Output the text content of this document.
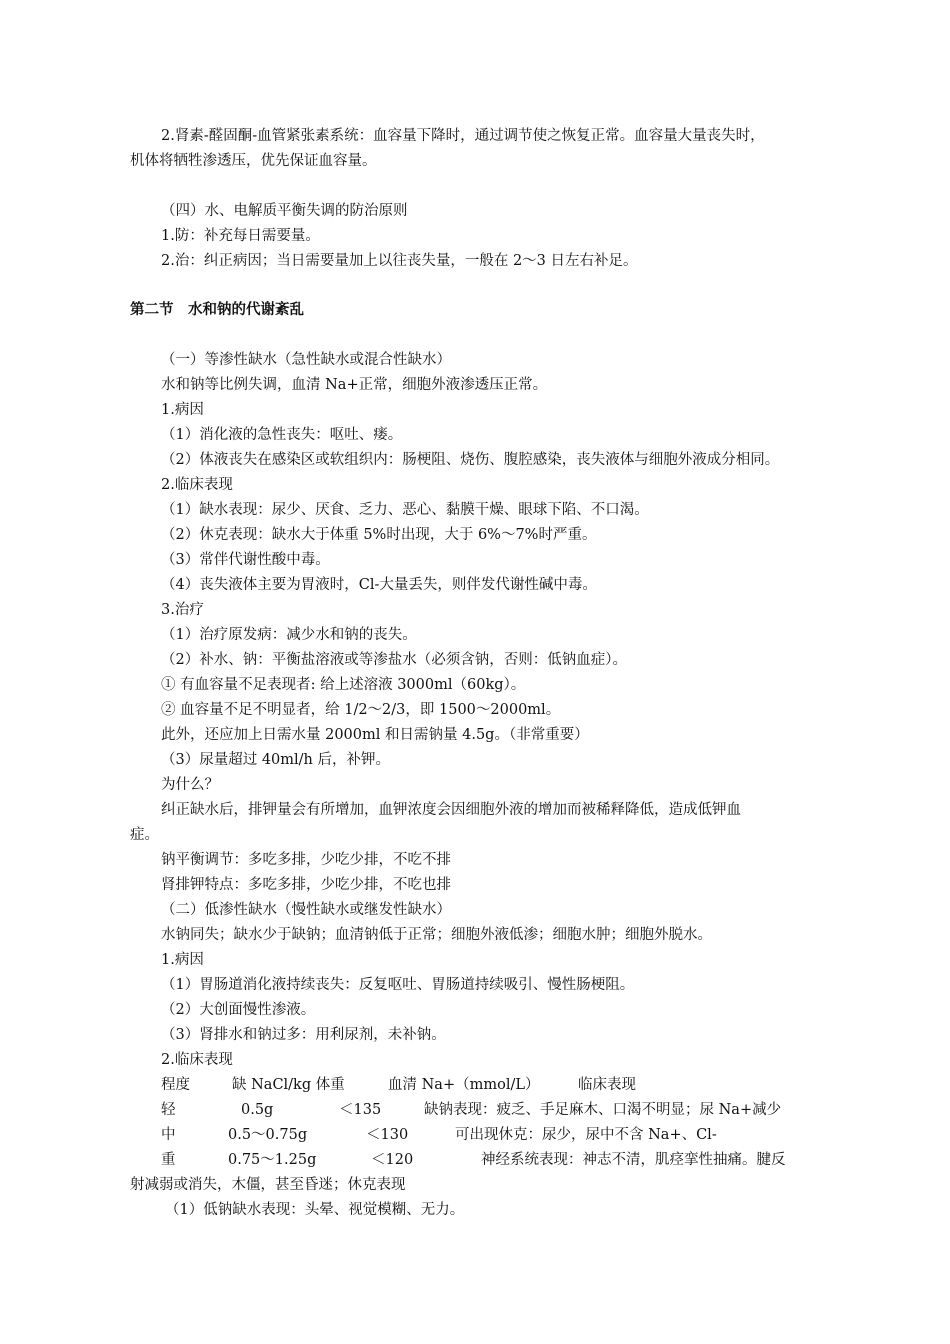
2.肾素-醛固酮-血管紧张素系统：血容量下降时，通过调节使之恢复正常。血容量大量丧失时，
机体将牺牲渗透压，优先保证血容量。
（四）水、电解质平衡失调的防治原则
1.防：补充每日需要量。
2.治：纠正病因；当日需要量加上以往丧失量，一般在 2～3 日左右补足。
第二节　水和钠的代谢紊乱
（一）等渗性缺水（急性缺水或混合性缺水）
水和钠等比例失调，血清 Na+正常，细胞外液渗透压正常。
1.病因
（1）消化液的急性丧失：呕吐、瘘。
（2）体液丧失在感染区或软组织内：肠梗阻、烧伤、腹腔感染，丧失液体与细胞外液成分相同。
2.临床表现
（1）缺水表现：尿少、厌食、乏力、恶心、黏膜干燥、眼球下陷、不口渴。
（2）休克表现：缺水大于体重 5%时出现，大于 6%～7%时严重。
（3）常伴代谢性酸中毒。
（4）丧失液体主要为胃液时，Cl-大量丢失，则伴发代谢性碱中毒。
3.治疗
（1）治疗原发病：减少水和钠的丧失。
（2）补水、钠：平衡盐溶液或等渗盐水（必须含钠，否则：低钠血症）。
① 有血容量不足表现者: 给上述溶液 3000ml（60kg）。
② 血容量不足不明显者，给 1/2～2/3，即 1500～2000ml。
此外，还应加上日需水量 2000ml 和日需钠量 4.5g。（非常重要）
（3）尿量超过 40ml/h 后，补钾。
为什么？
纠正缺水后，排钾量会有所增加，血钾浓度会因细胞外液的增加而被稀释降低，造成低钾血
症。
钠平衡调节：多吃多排，少吃少排，不吃不排
肾排钾特点：多吃多排，少吃少排，不吃也排
（二）低渗性缺水（慢性缺水或继发性缺水）
水钠同失；缺水少于缺钠；血清钠低于正常；细胞外液低渗；细胞水肿；细胞外脱水。
1.病因
（1）胃肠道消化液持续丧失：反复呕吐、胃肠道持续吸引、慢性肠梗阻。
（2）大创面慢性渗液。
（3）肾排水和钠过多：用利尿剂，未补钠。
2.临床表现
程度	缺 NaCl/kg 体重	血清 Na+（mmol/L）	临床表现
轻	0.5g	＜135	缺钠表现：疲乏、手足麻木、口渴不明显；尿 Na+减少
中	0.5～0.75g	＜130	可出现休克：尿少，尿中不含 Na+、Cl-
重	0.75～1.25g	＜120	神经系统表现：神志不清，肌痉挛性抽痛。腱反
射减弱或消失，木僵，甚至昏迷；休克表现
（1）低钠缺水表现：头晕、视觉模糊、无力。
